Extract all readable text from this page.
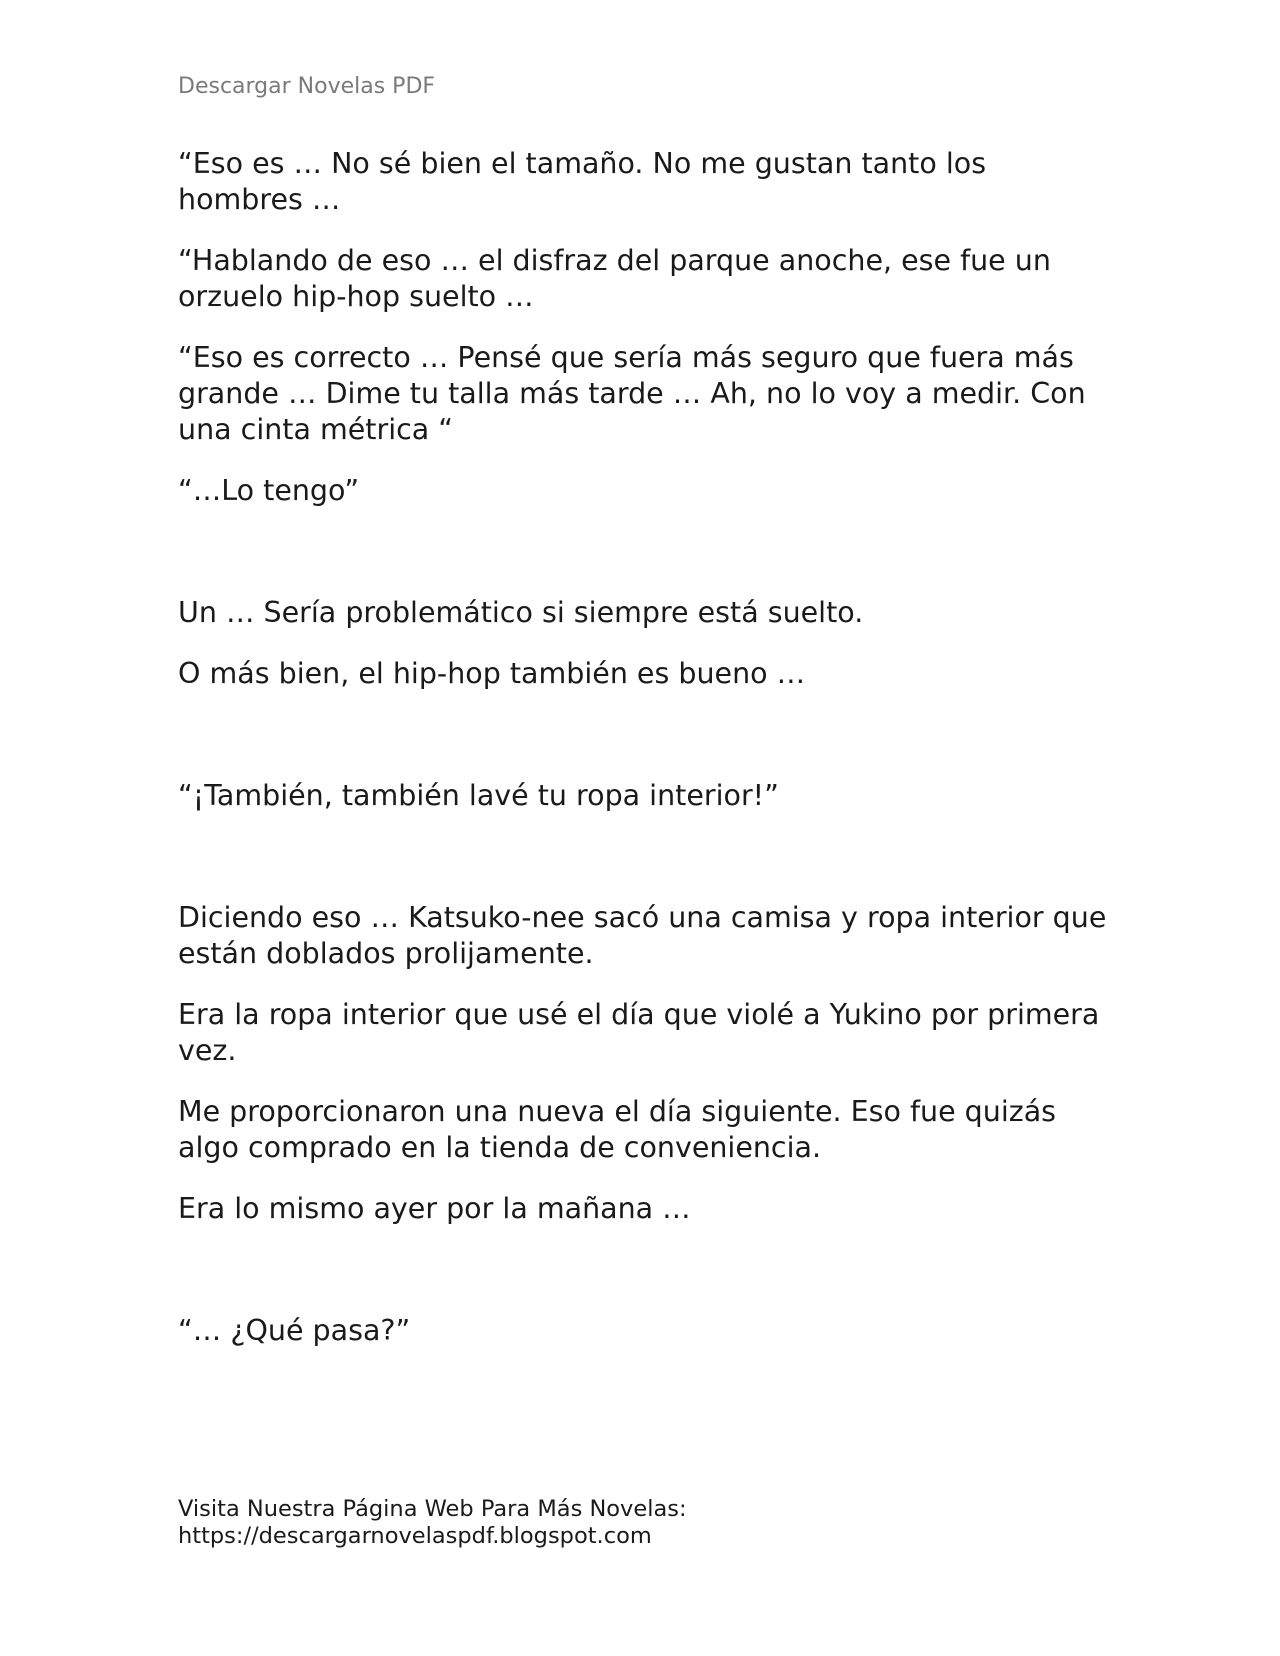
Descargar Novelas PDF

“Eso es … No sé bien el tamaño. No me gustan tanto los hombres …

“Hablando de eso … el disfraz del parque anoche, ese fue un orzuelo hip-hop suelto …

“Eso es correcto … Pensé que sería más seguro que fuera más grande … Dime tu talla más tarde … Ah, no lo voy a medir. Con una cinta métrica “

“…Lo tengo”

Un … Sería problemático si siempre está suelto.

O más bien, el hip-hop también es bueno …

“¡También, también lavé tu ropa interior!”

Diciendo eso … Katsuko-nee sacó una camisa y ropa interior que están doblados prolijamente.

Era la ropa interior que usé el día que violé a Yukino por primera vez.

Me proporcionaron una nueva el día siguiente. Eso fue quizás algo comprado en la tienda de conveniencia.

Era lo mismo ayer por la mañana …

“… ¿Qué pasa?”

Visita Nuestra Página Web Para Más Novelas:
https://descargarnovelaspdf.blogspot.com
